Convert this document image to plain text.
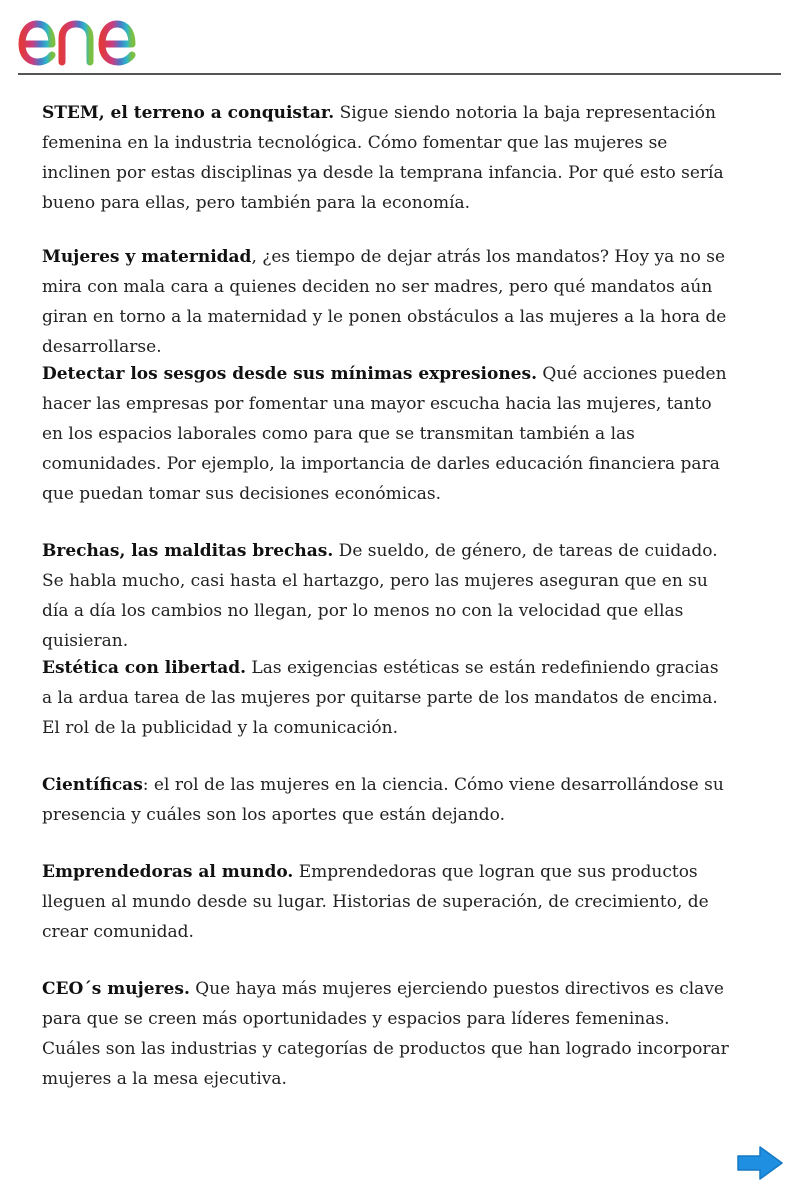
STEM, el terreno a conquistar. Sigue siendo notoria la baja representación femenina en la industria tecnológica. Cómo fomentar que las mujeres se inclinen por estas disciplinas ya desde la temprana infancia. Por qué esto sería bueno para ellas, pero también para la economía.

Mujeres y maternidad, ¿es tiempo de dejar atrás los mandatos? Hoy ya no se mira con mala cara a quienes deciden no ser madres, pero qué mandatos aún giran en torno a la maternidad y le ponen obstáculos a las mujeres a la hora de desarrollarse.

Detectar los sesgos desde sus mínimas expresiones. Qué acciones pueden hacer las empresas por fomentar una mayor escucha hacia las mujeres, tanto en los espacios laborales como para que se transmitan también a las comunidades. Por ejemplo, la importancia de darles educación financiera para que puedan tomar sus decisiones económicas.

Brechas, las malditas brechas. De sueldo, de género, de tareas de cuidado. Se habla mucho, casi hasta el hartazgo, pero las mujeres aseguran que en su día a día los cambios no llegan, por lo menos no con la velocidad que ellas quisieran.

Estética con libertad. Las exigencias estéticas se están redefiniendo gracias a la ardua tarea de las mujeres por quitarse parte de los mandatos de encima. El rol de la publicidad y la comunicación.

Científicas: el rol de las mujeres en la ciencia. Cómo viene desarrollándose su presencia y cuáles son los aportes que están dejando.

Emprendedoras al mundo. Emprendedoras que logran que sus productos lleguen al mundo desde su lugar. Historias de superación, de crecimiento, de crear comunidad.

CEO´s mujeres. Que haya más mujeres ejerciendo puestos directivos es clave para que se creen más oportunidades y espacios para líderes femeninas. Cuáles son las industrias y categorías de productos que han logrado incorporar mujeres a la mesa ejecutiva.
